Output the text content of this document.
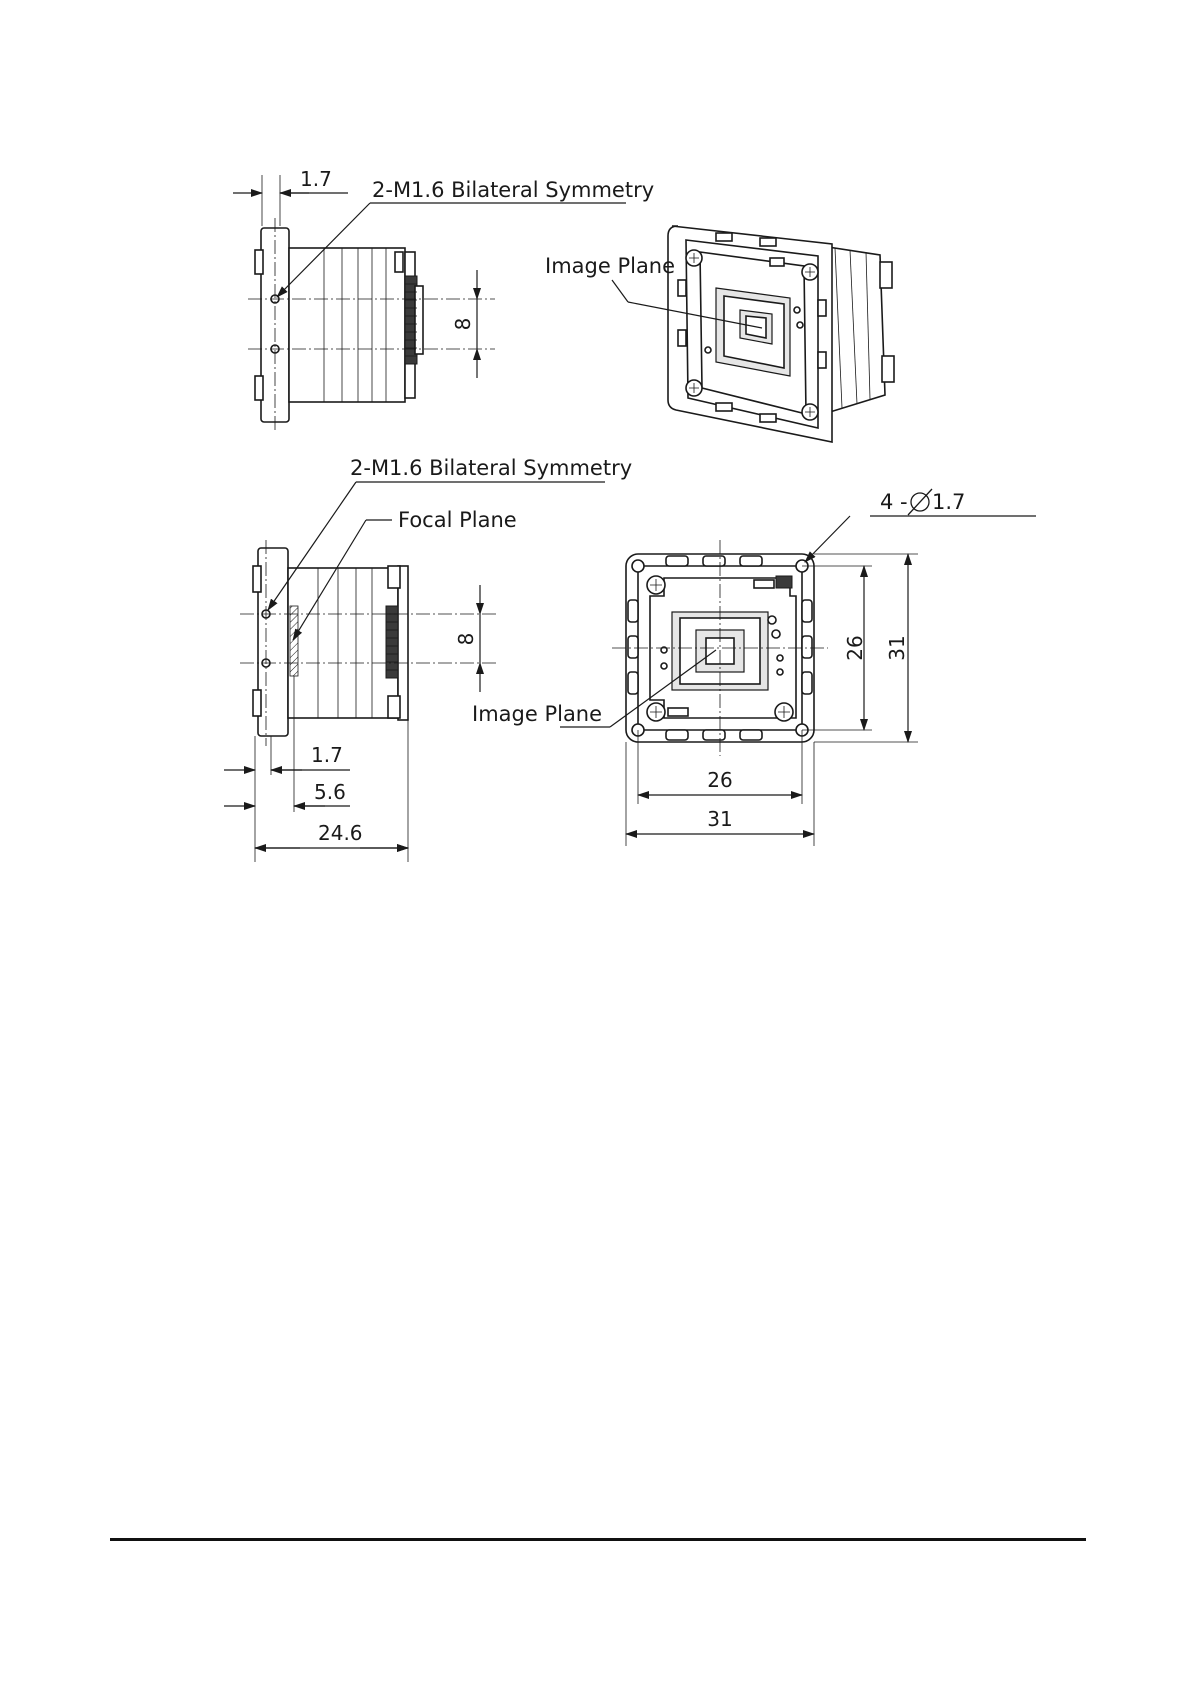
8
1.7 2-M1.6 Bilateral Symmetry
Image Plane
8
2-M1.6 Bilateral Symmetry
Focal Plane
1.7
5.6
24.6
26 31
26
31
4 - 1.7
Image Plane
